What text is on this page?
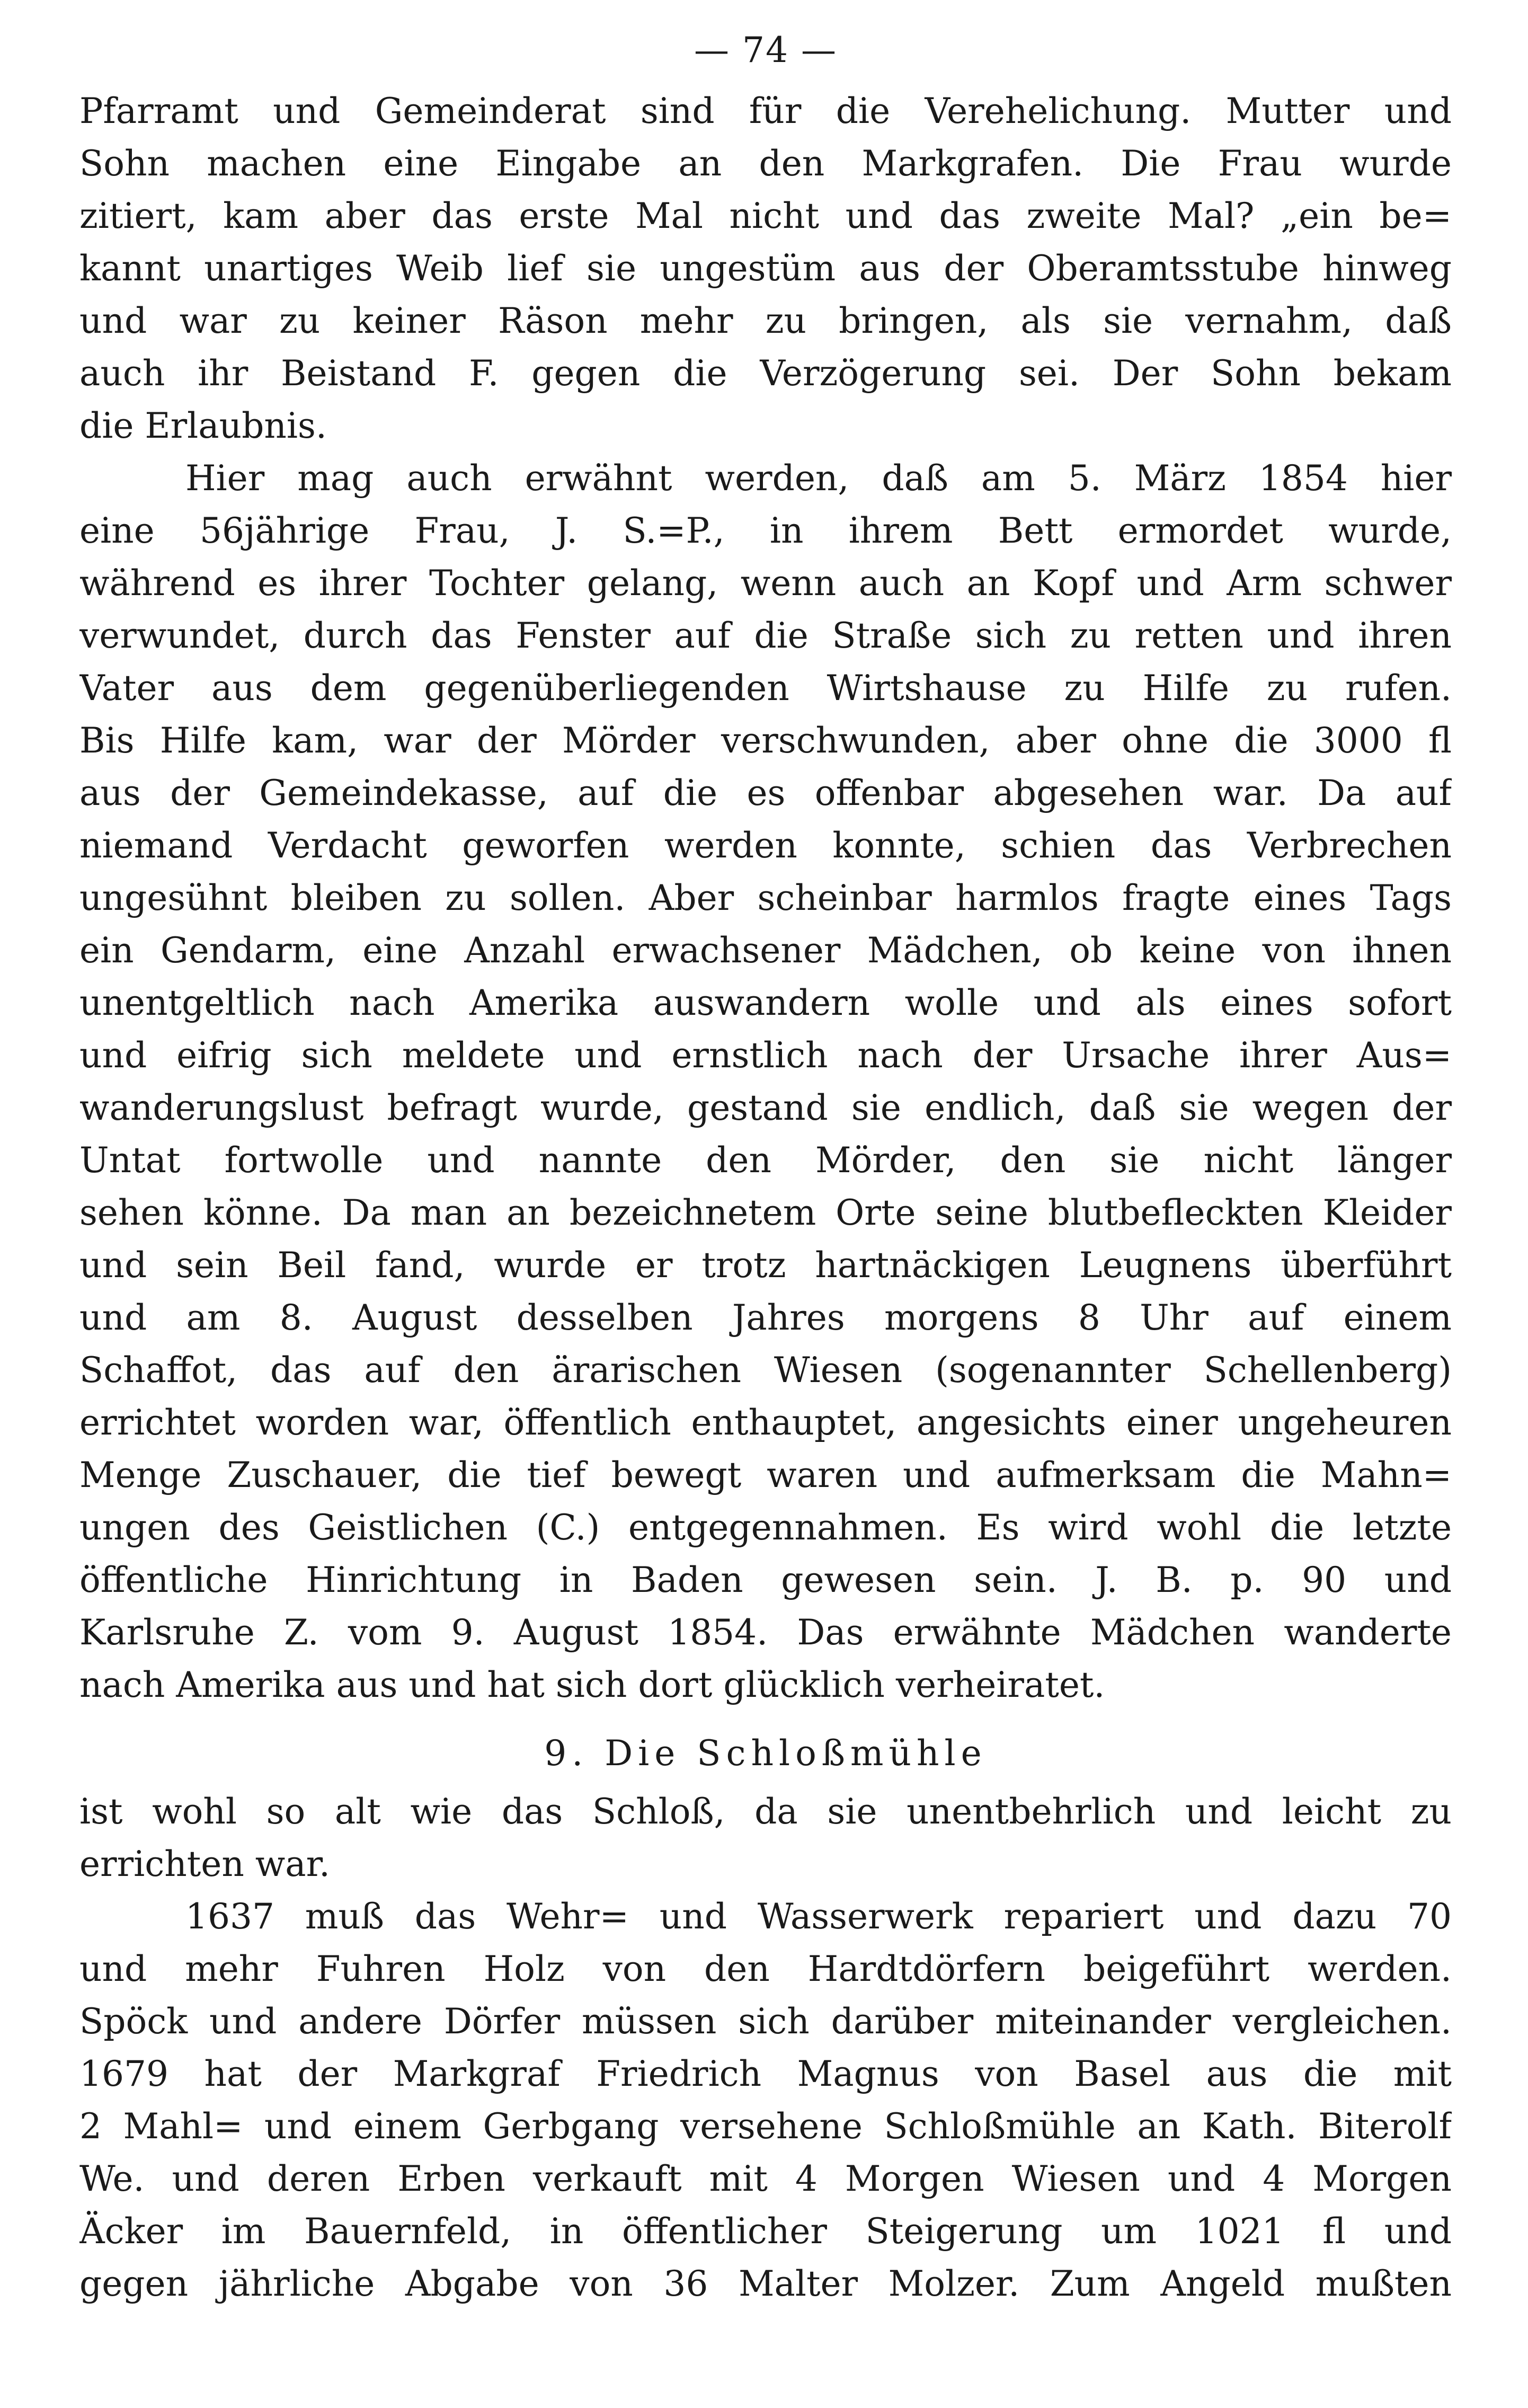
— 74 —
Pfarramt und Gemeinderat sind für die Verehelichung. Mutter und
Sohn machen eine Eingabe an den Markgrafen. Die Frau wurde
zitiert, kam aber das erste Mal nicht und das zweite Mal? „ein be=
kannt unartiges Weib lief sie ungestüm aus der Oberamtsstube hinweg
und war zu keiner Räson mehr zu bringen, als sie vernahm, daß
auch ihr Beistand F. gegen die Verzögerung sei. Der Sohn bekam
die Erlaubnis.
Hier mag auch erwähnt werden, daß am 5. März 1854 hier
eine 56jährige Frau, J. S.=P., in ihrem Bett ermordet wurde,
während es ihrer Tochter gelang, wenn auch an Kopf und Arm schwer
verwundet, durch das Fenster auf die Straße sich zu retten und ihren
Vater aus dem gegenüberliegenden Wirtshause zu Hilfe zu rufen.
Bis Hilfe kam, war der Mörder verschwunden, aber ohne die 3000 fl
aus der Gemeindekasse, auf die es offenbar abgesehen war. Da auf
niemand Verdacht geworfen werden konnte, schien das Verbrechen
ungesühnt bleiben zu sollen. Aber scheinbar harmlos fragte eines Tags
ein Gendarm, eine Anzahl erwachsener Mädchen, ob keine von ihnen
unentgeltlich nach Amerika auswandern wolle und als eines sofort
und eifrig sich meldete und ernstlich nach der Ursache ihrer Aus=
wanderungslust befragt wurde, gestand sie endlich, daß sie wegen der
Untat fortwolle und nannte den Mörder, den sie nicht länger
sehen könne. Da man an bezeichnetem Orte seine blutbefleckten Kleider
und sein Beil fand, wurde er trotz hartnäckigen Leugnens überführt
und am 8. August desselben Jahres morgens 8 Uhr auf einem
Schaffot, das auf den ärarischen Wiesen (sogenannter Schellenberg)
errichtet worden war, öffentlich enthauptet, angesichts einer ungeheuren
Menge Zuschauer, die tief bewegt waren und aufmerksam die Mahn=
ungen des Geistlichen (C.) entgegennahmen. Es wird wohl die letzte
öffentliche Hinrichtung in Baden gewesen sein. J. B. p. 90 und
Karlsruhe Z. vom 9. August 1854. Das erwähnte Mädchen wanderte
nach Amerika aus und hat sich dort glücklich verheiratet.
9. Die Schloßmühle
ist wohl so alt wie das Schloß, da sie unentbehrlich und leicht zu
errichten war.
1637 muß das Wehr= und Wasserwerk repariert und dazu 70
und mehr Fuhren Holz von den Hardtdörfern beigeführt werden.
Spöck und andere Dörfer müssen sich darüber miteinander vergleichen.
1679 hat der Markgraf Friedrich Magnus von Basel aus die mit
2 Mahl= und einem Gerbgang versehene Schloßmühle an Kath. Biterolf
We. und deren Erben verkauft mit 4 Morgen Wiesen und 4 Morgen
Äcker im Bauernfeld, in öffentlicher Steigerung um 1021 fl und
gegen jährliche Abgabe von 36 Malter Molzer. Zum Angeld mußten
